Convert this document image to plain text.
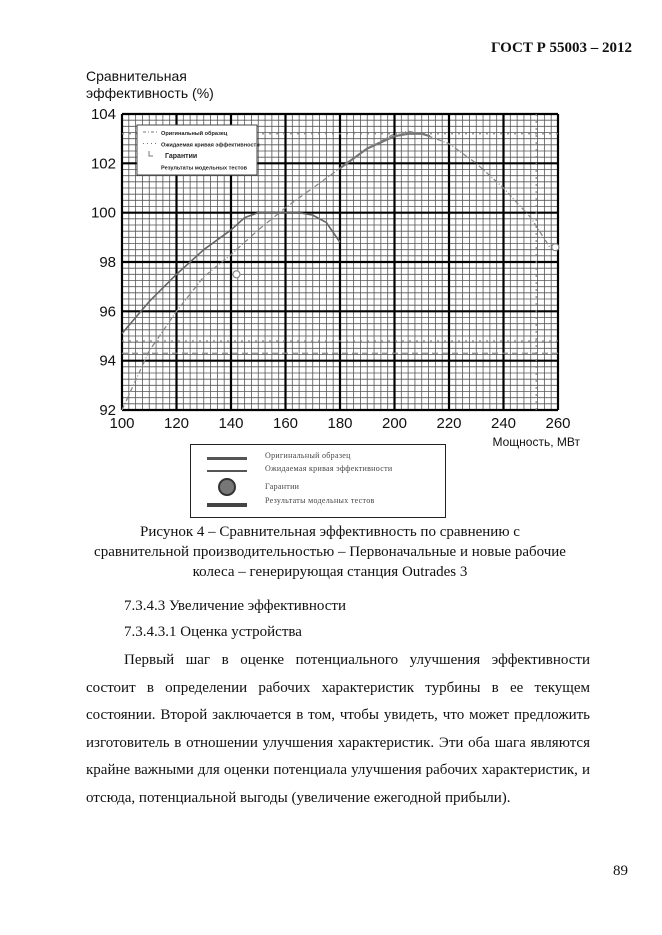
ГОСТ Р 55003 – 2012
Сравнительная
эффективность (%)
100 120 140 160 180 200 220 240 260
92
94
96
98
100
102
104
Мощность, МВт
Оригинальный образец
Ожидаемая кривая эффективности
Гарантии
Результаты модельных тестов
Оригинальный образец
Ожидаемая кривая эффективности
Гарантии
Результаты модельных тестов
Рисунок 4 – Сравнительная эффективность по сравнению с
сравнительной производительностью – Первоначальные и новые рабочие
колеса – генерирующая станция Outrades 3
7.3.4.3 Увеличение эффективности
7.3.4.3.1 Оценка устройства
Первый шаг в оценке потенциального улучшения эффективности состоит в определении рабочих характеристик турбины в ее текущем состоянии. Второй заключается в том, чтобы увидеть, что может предложить изготовитель в отношении улучшения характеристик. Эти оба шага являются крайне важными для оценки потенциала улучшения рабочих характеристик, и отсюда, потенциальной выгоды (увеличение ежегодной прибыли).
89
